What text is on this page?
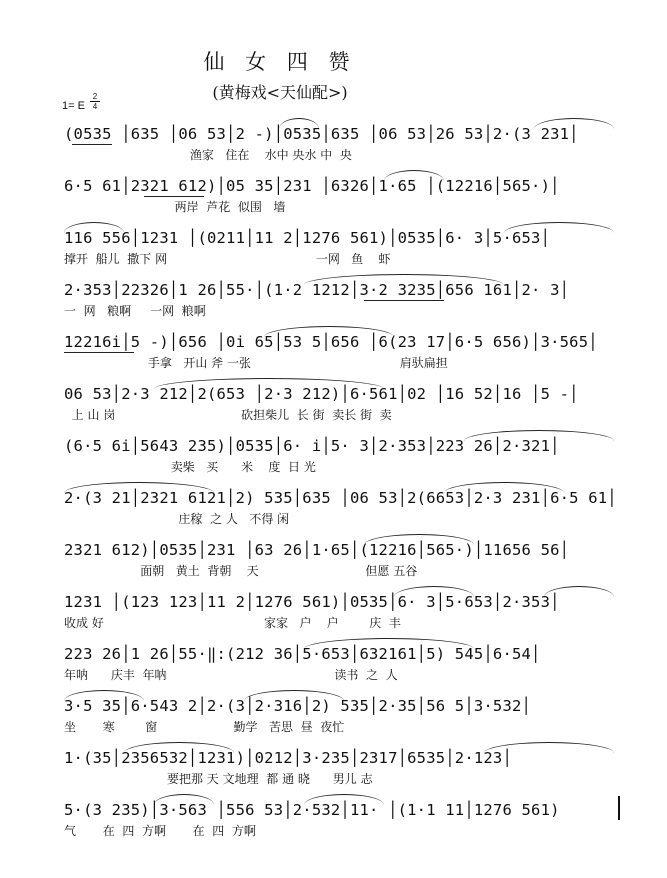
仙 女 四 赞
(黄梅戏<天仙配>)
1= E $\frac{2}{4}$
(0535 │635 │06 53│2 -)│0535│635 │06 53│26 53│2·(3 231│
渔家   住在    水中 央水 中  央
6·5 61│2321 612)│05 35│231 │6326│1·65 │(12216│565·)│
两岸  芦花  似围   墙
116 556│1231 │(0211│11 2│1276 561)│0535│6· 3│5·653│
撑开  船儿  撒下 网                                       一网   鱼    虾
2·353│22326│1 26│55·│(1·2 1212│3·2 3235│656 161│2· 3│
一  网   粮啊     一网  粮啊
12216i│5 -)│656 │0i 65│53 5│656 │6(23 17│6·5 656)│3·565│
手拿   开山 斧 一张                                       肩驮扁担
06 53│2·3 212│2(653 │2·3 212)│6·561│02 │16 52│16 │5 -│
上 山 岗                                 砍担柴儿  长 街  卖长 街  卖
(6·5 6i│5643 235)│0535│6· i│5· 3│2·353│223 26│2·321│
卖柴   买      米    度  日 光
2·(3 21│2321 6121│2) 535│635 │06 53│2(6653│2·3 231│6·5 61│
庄稼  之 人   不得 闲
2321 612)│0535│231 │63 26│1·65│(12216│565·)│11656 56│
面朝   黄土  背朝    天                            但愿 五谷
1231 │(123 123│11 2│1276 561)│0535│6· 3│5·653│2·353│
收成 好                                          家家   户    户        庆  丰
223 26│1 26│55·‖:(212 36│5·653│632161│5) 545│6·54│
年呐      庆丰  年呐                                            读书  之  人
3·5 35│6·543 2│2·(3│2·316│2) 535│2·35│56 5│3·532│
坐       寒        窗                    勤学   苦思  昼  夜忙
1·(35│2356532│1231)│0212│3·235│2317│6535│2·123│
要把那 天 文地理  都 通 晓      男儿 志
5·(3 235)│3·563 │556 53│2·532│11· │(1·1 11│1276 561)
气       在  四  方啊       在  四  方啊
